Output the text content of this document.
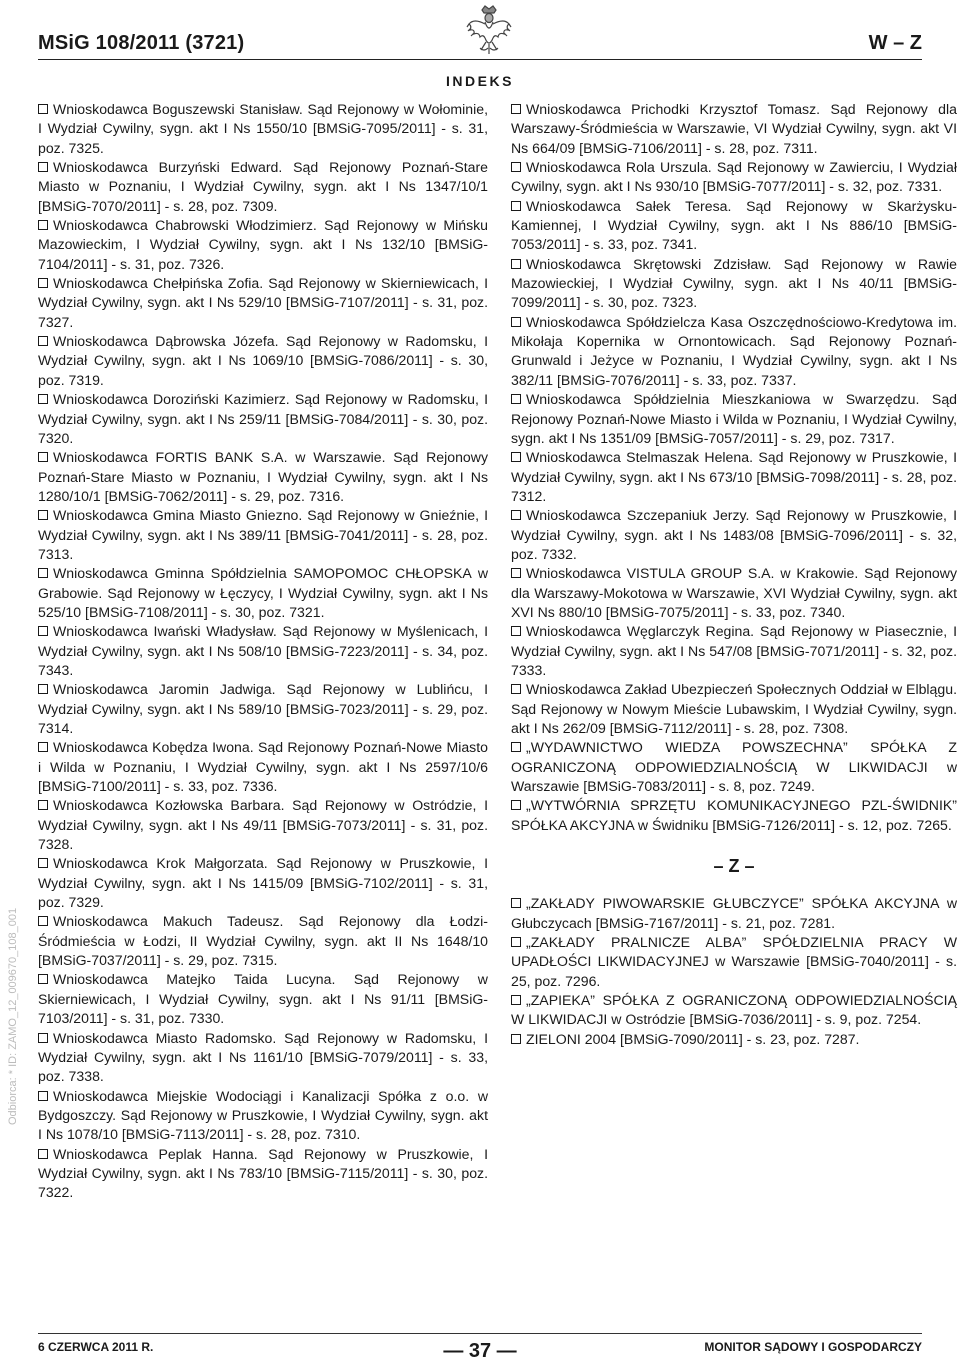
MSiG 108/2011 (3721)	W – Z
INDEKS
Odbiorca: * ID: ZAMO_12_009670_108_001

Wnioskodawca Boguszewski Stanisław. Sąd Rejonowy w Wołominie, I Wydział Cywilny, sygn. akt I Ns 1550/10 [BMSiG-7095/2011] - s. 31, poz. 7325.

Wnioskodawca Burzyński Edward. Sąd Rejonowy Poznań-Stare Miasto w Poznaniu, I Wydział Cywilny, sygn. akt I Ns 1347/10/1 [BMSiG-7070/2011] - s. 28, poz. 7309.

Wnioskodawca Chabrowski Włodzimierz. Sąd Rejonowy w Mińsku Mazowieckim, I Wydział Cywilny, sygn. akt I Ns 132/10 [BMSiG-7104/2011] - s. 31, poz. 7326.

Wnioskodawca Chełpińska Zofia. Sąd Rejonowy w Skierniewicach, I Wydział Cywilny, sygn. akt I Ns 529/10 [BMSiG-7107/2011] - s. 31, poz. 7327.

Wnioskodawca Dąbrowska Józefa. Sąd Rejonowy w Radomsku, I Wydział Cywilny, sygn. akt I Ns 1069/10 [BMSiG-7086/2011] - s. 30, poz. 7319.

Wnioskodawca Doroziński Kazimierz. Sąd Rejonowy w Radomsku, I Wydział Cywilny, sygn. akt I Ns 259/11 [BMSiG-7084/2011] - s. 30, poz. 7320.

Wnioskodawca FORTIS BANK S.A. w Warszawie. Sąd Rejonowy Poznań-Stare Miasto w Poznaniu, I Wydział Cywilny, sygn. akt I Ns 1280/10/1 [BMSiG-7062/2011] - s. 29, poz. 7316.

Wnioskodawca Gmina Miasto Gniezno. Sąd Rejonowy w Gnieźnie, I Wydział Cywilny, sygn. akt I Ns 389/11 [BMSiG-7041/2011] - s. 28, poz. 7313.

Wnioskodawca Gminna Spółdzielnia SAMOPOMOC CHŁOPSKA w Grabowie. Sąd Rejonowy w Łęczycy, I Wydział Cywilny, sygn. akt I Ns 525/10 [BMSiG-7108/2011] - s. 30, poz. 7321.

Wnioskodawca Iwański Władysław. Sąd Rejonowy w Myślenicach, I Wydział Cywilny, sygn. akt I Ns 508/10 [BMSiG-7223/2011] - s. 34, poz. 7343.

Wnioskodawca Jaromin Jadwiga. Sąd Rejonowy w Lublińcu, I Wydział Cywilny, sygn. akt I Ns 589/10 [BMSiG-7023/2011] - s. 29, poz. 7314.

Wnioskodawca Kobędza Iwona. Sąd Rejonowy Poznań-Nowe Miasto i Wilda w Poznaniu, I Wydział Cywilny, sygn. akt I Ns 2597/10/6 [BMSiG-7100/2011] - s. 33, poz. 7336.

Wnioskodawca Kozłowska Barbara. Sąd Rejonowy w Ostródzie, I Wydział Cywilny, sygn. akt I Ns 49/11 [BMSiG-7073/2011] - s. 31, poz. 7328.

Wnioskodawca Krok Małgorzata. Sąd Rejonowy w Pruszkowie, I Wydział Cywilny, sygn. akt I Ns 1415/09 [BMSiG-7102/2011] - s. 31, poz. 7329.

Wnioskodawca Makuch Tadeusz. Sąd Rejonowy dla Łodzi-Śródmieścia w Łodzi, II Wydział Cywilny, sygn. akt II Ns 1648/10 [BMSiG-7037/2011] - s. 29, poz. 7315.

Wnioskodawca Matejko Taida Lucyna. Sąd Rejonowy w Skierniewicach, I Wydział Cywilny, sygn. akt I Ns 91/11 [BMSiG-7103/2011] - s. 31, poz. 7330.

Wnioskodawca Miasto Radomsko. Sąd Rejonowy w Radomsku, I Wydział Cywilny, sygn. akt I Ns 1161/10 [BMSiG-7079/2011] - s. 33, poz. 7338.

Wnioskodawca Miejskie Wodociągi i Kanalizacji Spółka z o.o. w Bydgoszczy. Sąd Rejonowy w Pruszkowie, I Wydział Cywilny, sygn. akt I Ns 1078/10 [BMSiG-7113/2011] - s. 28, poz. 7310.

Wnioskodawca Peplak Hanna. Sąd Rejonowy w Pruszkowie, I Wydział Cywilny, sygn. akt I Ns 783/10 [BMSiG-7115/2011] - s. 30, poz. 7322.

Wnioskodawca Prichodki Krzysztof Tomasz. Sąd Rejonowy dla Warszawy-Śródmieścia w Warszawie, VI Wydział Cywilny, sygn. akt VI Ns 664/09 [BMSiG-7106/2011] - s. 28, poz. 7311.

Wnioskodawca Rola Urszula. Sąd Rejonowy w Zawierciu, I Wydział Cywilny, sygn. akt I Ns 930/10 [BMSiG-7077/2011] - s. 32, poz. 7331.

Wnioskodawca Sałek Teresa. Sąd Rejonowy w Skarżysku-Kamiennej, I Wydział Cywilny, sygn. akt I Ns 886/10 [BMSiG-7053/2011] - s. 33, poz. 7341.

Wnioskodawca Skrętowski Zdzisław. Sąd Rejonowy w Rawie Mazowieckiej, I Wydział Cywilny, sygn. akt I Ns 40/11 [BMSiG-7099/2011] - s. 30, poz. 7323.

Wnioskodawca Spółdzielcza Kasa Oszczędnościowo-Kredytowa im. Mikołaja Kopernika w Ornontowicach. Sąd Rejonowy Poznań-Grunwald i Jeżyce w Poznaniu, I Wydział Cywilny, sygn. akt I Ns 382/11 [BMSiG-7076/2011] - s. 33, poz. 7337.

Wnioskodawca Spółdzielnia Mieszkaniowa w Swarzędzu. Sąd Rejonowy Poznań-Nowe Miasto i Wilda w Poznaniu, I Wydział Cywilny, sygn. akt I Ns 1351/09 [BMSiG-7057/2011] - s. 29, poz. 7317.

Wnioskodawca Stelmaszak Helena. Sąd Rejonowy w Pruszkowie, I Wydział Cywilny, sygn. akt I Ns 673/10 [BMSiG-7098/2011] - s. 28, poz. 7312.

Wnioskodawca Szczepaniuk Jerzy. Sąd Rejonowy w Pruszkowie, I Wydział Cywilny, sygn. akt I Ns 1483/08 [BMSiG-7096/2011] - s. 32, poz. 7332.

Wnioskodawca VISTULA GROUP S.A. w Krakowie. Sąd Rejonowy dla Warszawy-Mokotowa w Warszawie, XVI Wydział Cywilny, sygn. akt XVI Ns 880/10 [BMSiG-7075/2011] - s. 33, poz. 7340.

Wnioskodawca Węglarczyk Regina. Sąd Rejonowy w Piasecznie, I Wydział Cywilny, sygn. akt I Ns 547/08 [BMSiG-7071/2011] - s. 32, poz. 7333.

Wnioskodawca Zakład Ubezpieczeń Społecznych Oddział w Elblągu. Sąd Rejonowy w Nowym Mieście Lubawskim, I Wydział Cywilny, sygn. akt I Ns 262/09 [BMSiG-7112/2011] - s. 28, poz. 7308.

„WYDAWNICTWO WIEDZA POWSZECHNA” SPÓŁKA Z OGRANICZONĄ ODPOWIEDZIALNOŚCIĄ W LIKWIDACJI w Warszawie [BMSiG-7083/2011] - s. 8, poz. 7249.

„WYTWÓRNIA SPRZĘTU KOMUNIKACYJNEGO PZL-ŚWIDNIK” SPÓŁKA AKCYJNA w Świdniku [BMSiG-7126/2011] - s. 12, poz. 7265.

– Z –

„ZAKŁADY PIWOWARSKIE GŁUBCZYCE” SPÓŁKA AKCYJNA w Głubczycach [BMSiG-7167/2011] - s. 21, poz. 7281.

„ZAKŁADY PRALNICZE ALBA” SPÓŁDZIELNIA PRACY W UPADŁOŚCI LIKWIDACYJNEJ w Warszawie [BMSiG-7040/2011] - s. 25, poz. 7296.

„ZAPIEKA” SPÓŁKA Z OGRANICZONĄ ODPOWIEDZIALNOŚCIĄ W LIKWIDACJI w Ostródzie [BMSiG-7036/2011] - s. 9, poz. 7254.

ZIELONI 2004 [BMSiG-7090/2011] - s. 23, poz. 7287.

6 CZERWCA 2011 R.	— 37 —	MONITOR SĄDOWY I GOSPODARCZY
